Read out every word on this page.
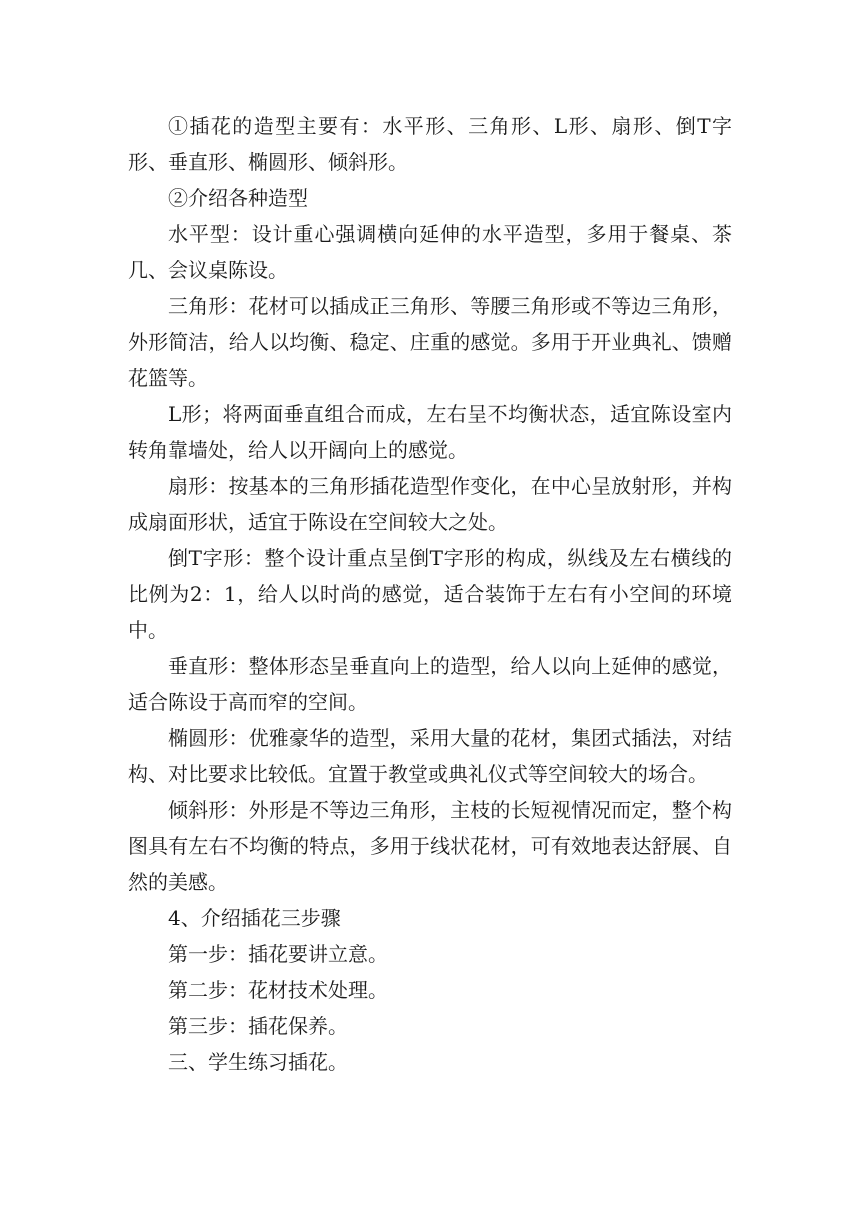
①插花的造型主要有：水平形、三角形、L形、扇形、倒T字形、垂直形、椭圆形、倾斜形。

②介绍各种造型

水平型：设计重心强调横向延伸的水平造型，多用于餐桌、茶几、会议桌陈设。

三角形：花材可以插成正三角形、等腰三角形或不等边三角形，外形简洁，给人以均衡、稳定、庄重的感觉。多用于开业典礼、馈赠花篮等。

L形；将两面垂直组合而成，左右呈不均衡状态，适宜陈设室内转角靠墙处，给人以开阔向上的感觉。

扇形：按基本的三角形插花造型作变化，在中心呈放射形，并构成扇面形状，适宜于陈设在空间较大之处。

倒T字形：整个设计重点呈倒T字形的构成，纵线及左右横线的比例为2：1，给人以时尚的感觉，适合装饰于左右有小空间的环境中。

垂直形：整体形态呈垂直向上的造型，给人以向上延伸的感觉，适合陈设于高而窄的空间。

椭圆形：优雅豪华的造型，采用大量的花材，集团式插法，对结构、对比要求比较低。宜置于教堂或典礼仪式等空间较大的场合。

倾斜形：外形是不等边三角形，主枝的长短视情况而定，整个构图具有左右不均衡的特点，多用于线状花材，可有效地表达舒展、自然的美感。

4、介绍插花三步骤

第一步：插花要讲立意。

第二步：花材技术处理。

第三步：插花保养。

三、学生练习插花。
